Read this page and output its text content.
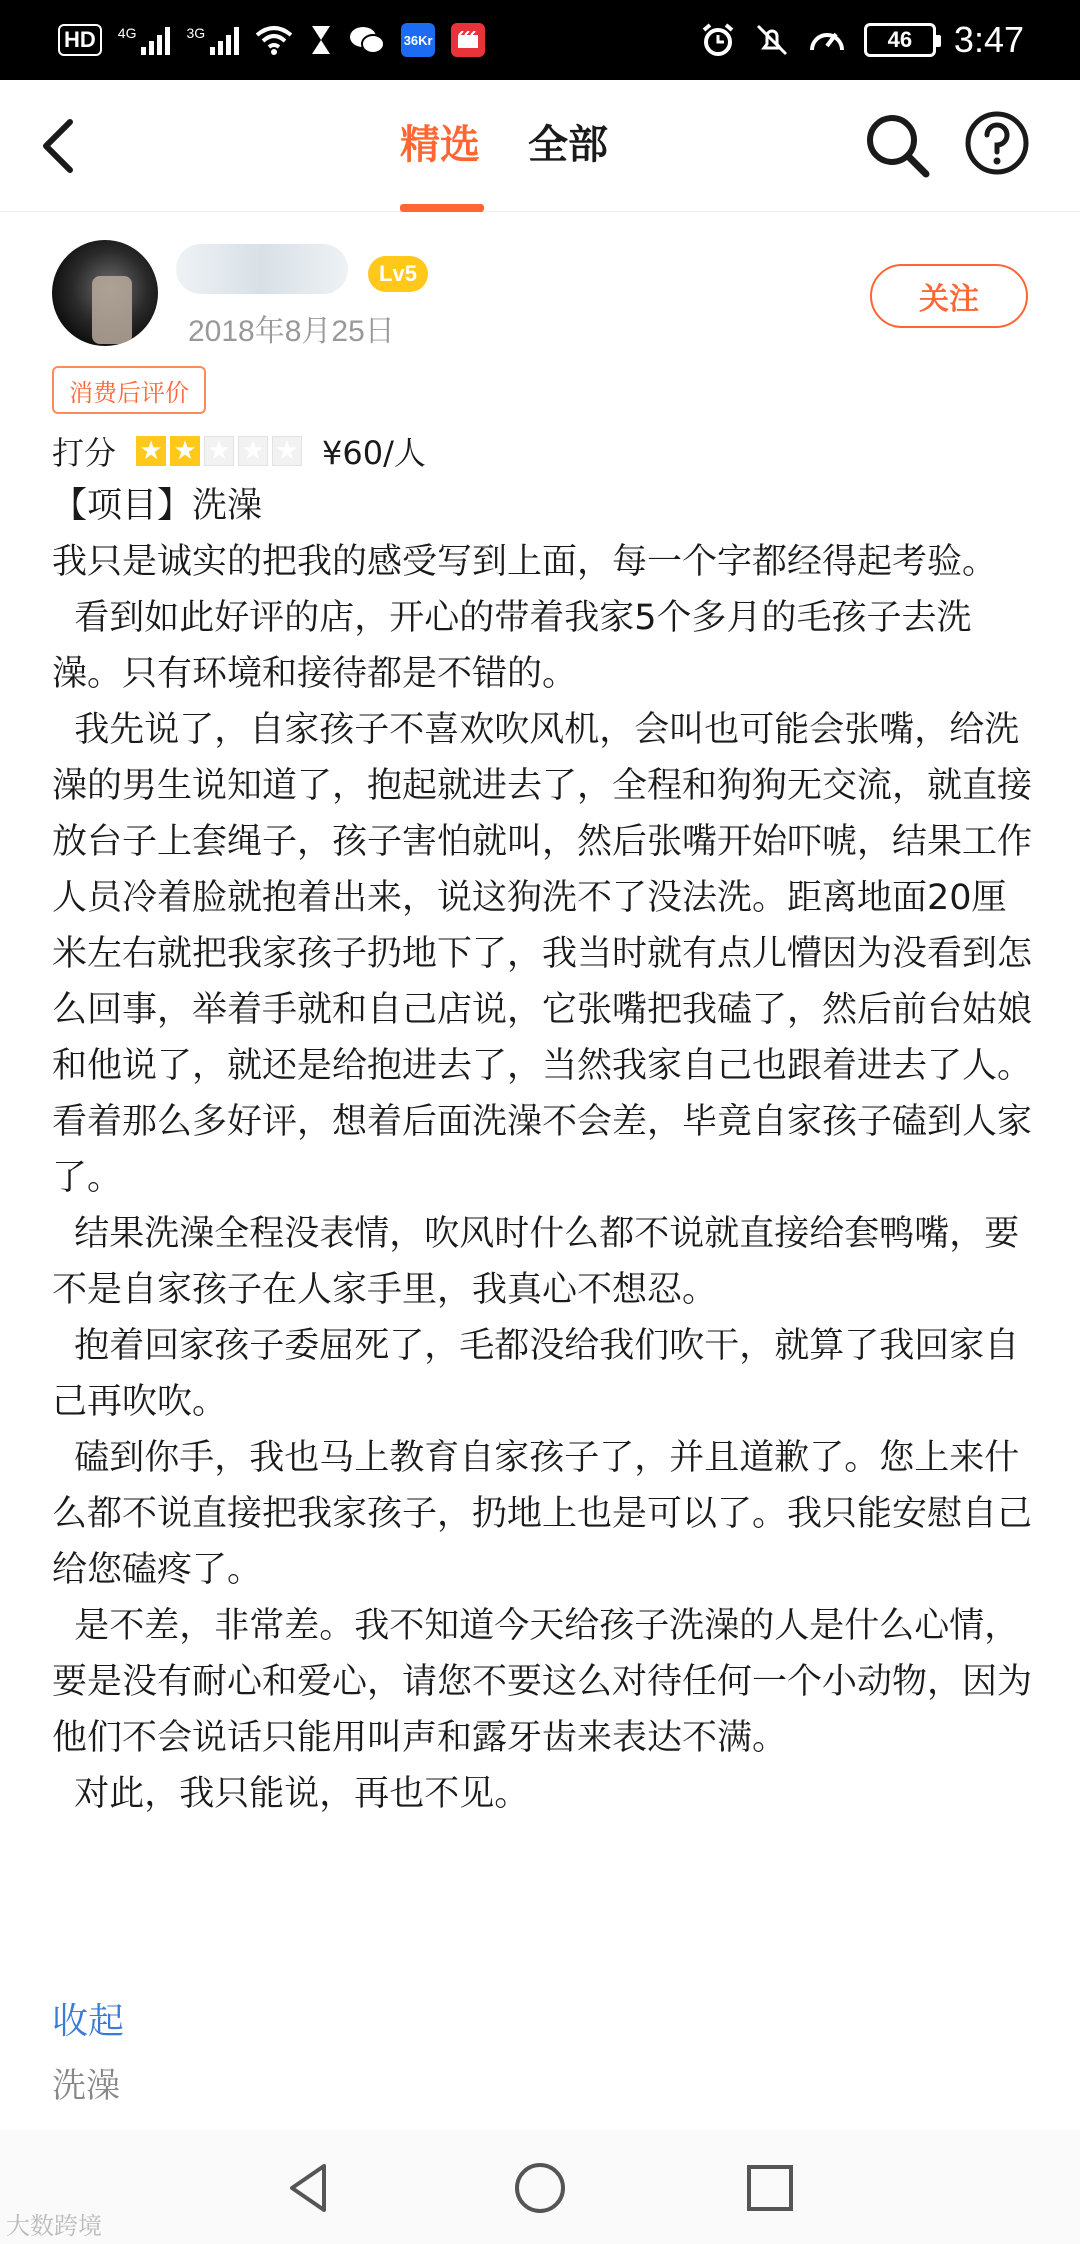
HD	4G	3G	36Kr	46	3:47
精选 全部
Lv5
2018年8月25日
关注
消费后评价
打分 ★ ★ ★ ★ ★ ¥60/人
【项目】洗澡
我只是诚实的把我的感受写到上面，每一个字都经得起考验。
看到如此好评的店，开心的带着我家5个多月的毛孩子去洗澡。只有环境和接待都是不错的。
我先说了，自家孩子不喜欢吹风机，会叫也可能会张嘴，给洗澡的男生说知道了，抱起就进去了，全程和狗狗无交流，就直接放台子上套绳子，孩子害怕就叫，然后张嘴开始吓唬，结果工作人员冷着脸就抱着出来，说这狗洗不了没法洗。距离地面20厘米左右就把我家孩子扔地下了，我当时就有点儿懵因为没看到怎么回事，举着手就和自己店说，它张嘴把我磕了，然后前台姑娘和他说了，就还是给抱进去了，当然我家自己也跟着进去了人。看着那么多好评，想着后面洗澡不会差，毕竟自家孩子磕到人家了。
结果洗澡全程没表情，吹风时什么都不说就直接给套鸭嘴，要不是自家孩子在人家手里，我真心不想忍。
抱着回家孩子委屈死了，毛都没给我们吹干，就算了我回家自己再吹吹。
磕到你手，我也马上教育自家孩子了，并且道歉了。您上来什么都不说直接把我家孩子，扔地上也是可以了。我只能安慰自己给您磕疼了。
是不差，非常差。我不知道今天给孩子洗澡的人是什么心情，要是没有耐心和爱心，请您不要这么对待任何一个小动物，因为他们不会说话只能用叫声和露牙齿来表达不满。
对此，我只能说，再也不见。
收起
洗澡
大数跨境
